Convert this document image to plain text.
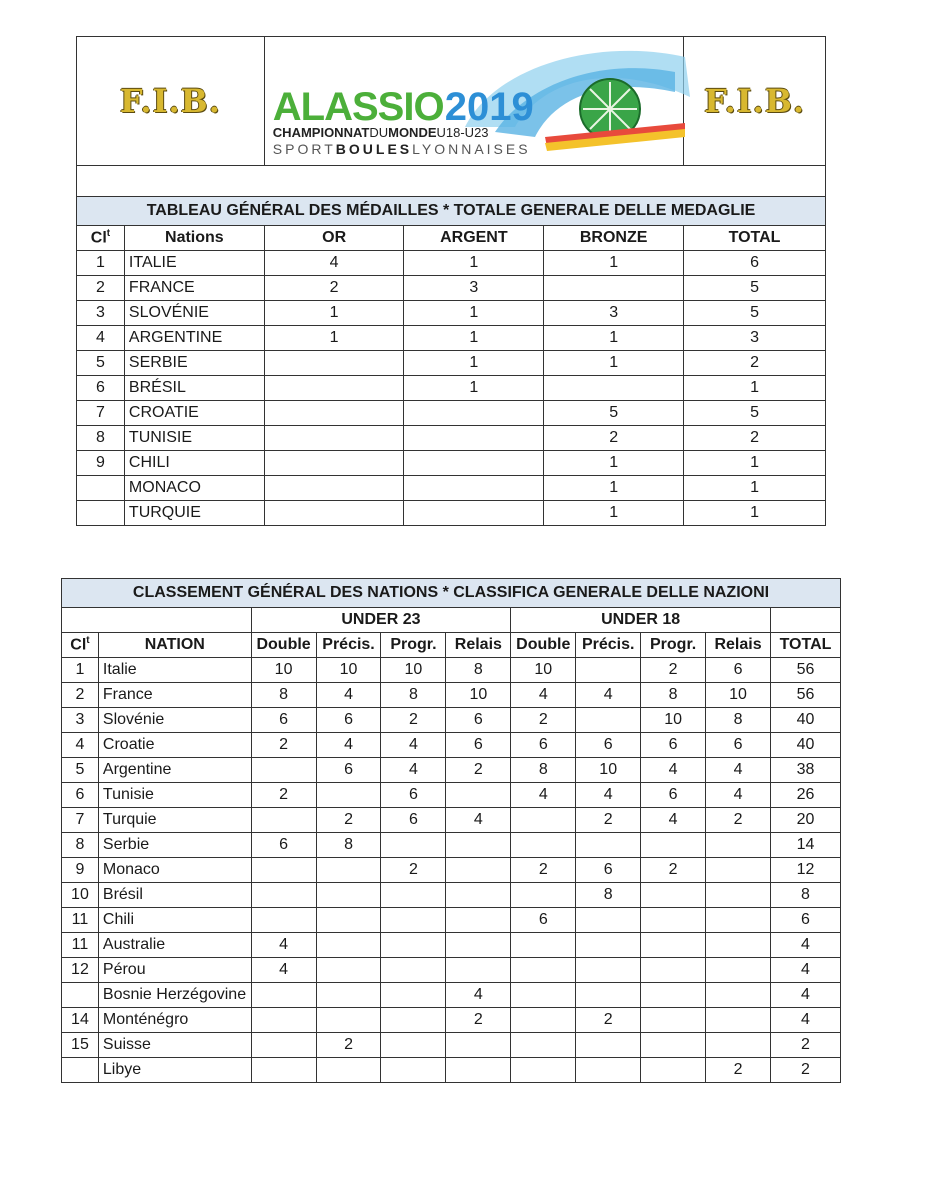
F.I.B.		ALASSIO 2019
CHAMPIONNATDUMONDEU18-U23
SPORTBOULESLYONNAISES			F.I.B.

TABLEAU GÉNÉRAL DES MÉDAILLES * TOTALE GENERALE DELLE MEDAGLIE					
Cl$^t$	Nations	OR	ARGENT	BRONZE	TOTAL
1	ITALIE	4	1	1	6
2	FRANCE	2	3		5
3	SLOVÉNIE	1	1	3	5
4	ARGENTINE	1	1	1	3
5	SERBIE		1	1	2
6	BRÉSIL		1		1
7	CROATIE			5	5
8	TUNISIE			2	2
9	CHILI			1	1
	MONACO			1	1
	TURQUIE			1	1
CLASSEMENT GÉNÉRAL DES NATIONS * CLASSIFICA GENERALE DELLE NAZIONI										
		UNDER 23				UNDER 18				
Cl$^t$	NATION	Double	Précis.	Progr.	Relais	Double	Précis.	Progr.	Relais	TOTAL
1	Italie	10	10	10	8	10		2	6	56
2	France	8	4	8	10	4	4	8	10	56
3	Slovénie	6	6	2	6	2		10	8	40
4	Croatie	2	4	4	6	6	6	6	6	40
5	Argentine		6	4	2	8	10	4	4	38
6	Tunisie	2		6		4	4	6	4	26
7	Turquie		2	6	4		2	4	2	20
8	Serbie	6	8							14
9	Monaco			2		2	6	2		12
10	Brésil						8			8
11	Chili					6				6
11	Australie	4								4
12	Pérou	4								4
	Bosnie Herzégovine				4					4
14	Monténégro				2		2			4
15	Suisse		2							2
	Libye								2	2
